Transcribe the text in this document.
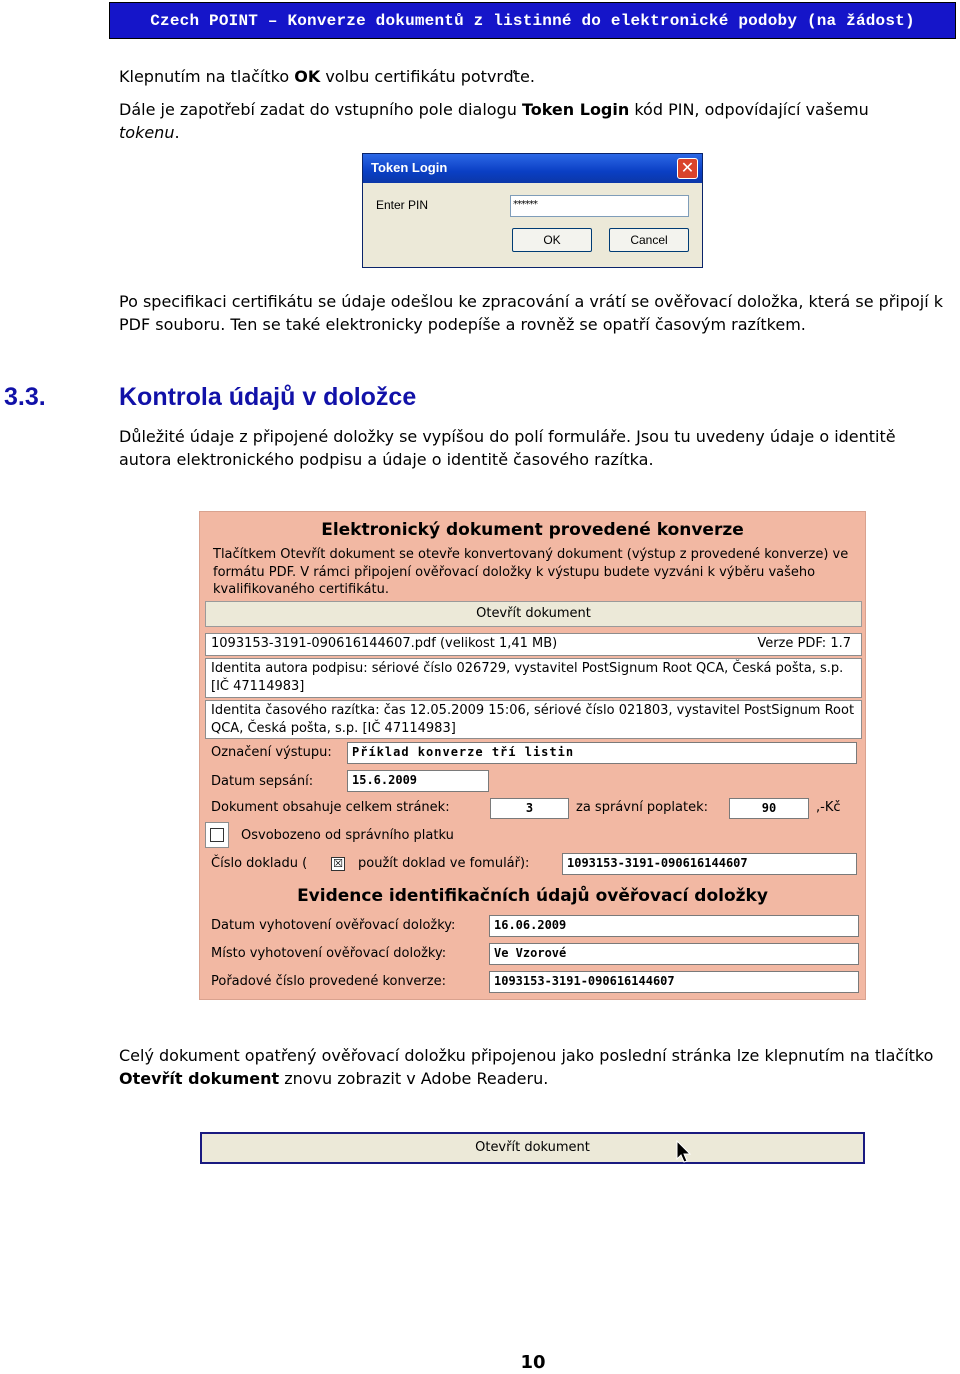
Czech POINT – Konverze dokumentů z listinné do elektronické podoby (na žádost)
Klepnutím na tlačítko OK volbu certifikátu potvrďte.
Dále je zapotřebí zadat do vstupního pole dialogu Token Login kód PIN, odpovídající vašemu tokenu.
Token Login	✕
Enter PIN	******
OK	Cancel
Po specifikaci certifikátu se údaje odešlou ke zpracování a vrátí se ověřovací doložka, která se připojí k PDF souboru. Ten se také elektronicky podepíše a rovněž se opatří časovým razítkem.
3.3.	Kontrola údajů v doložce
Důležité údaje z připojené doložky se vypíšou do polí formuláře. Jsou tu uvedeny údaje o identitě autora elektronického podpisu a údaje o identitě časového razítka.
Elektronický dokument provedené konverze
Tlačítkem Otevřít dokument se otevře konvertovaný dokument (výstup z provedené konverze) ve formátu PDF. V rámci připojení ověřovací doložky k výstupu budete vyzváni k výběru vašeho kvalifikovaného certifikátu.
Otevřít dokument
1093153-3191-090616144607.pdf (velikost 1,41 MB)	Verze PDF: 1.7
Identita autora podpisu: sériové číslo 026729, vystavitel PostSignum Root QCA, Česká pošta, s.p. [IČ 47114983]
Identita časového razítka: čas 12.05.2009 15:06, sériové číslo 021803, vystavitel PostSignum Root QCA, Česká pošta, s.p. [IČ 47114983]
Označení výstupu:	Příklad konverze tří listin
Datum sepsání:	15.6.2009
Dokument obsahuje celkem stránek:	3	za správní poplatek:	90	,-Kč
Osvobozeno od správního platku
Číslo dokladu ( ☒ použít doklad ve fomulář):	1093153-3191-090616144607
Evidence identifikačních údajů ověřovací doložky
Datum vyhotovení ověřovací doložky:	16.06.2009
Místo vyhotovení ověřovací doložky:	Ve Vzorové
Pořadové číslo provedené konverze:	1093153-3191-090616144607
Celý dokument opatřený ověřovací doložku připojenou jako poslední stránka lze klepnutím na tlačítko Otevřít dokument znovu zobrazit v Adobe Readeru.
Otevřít dokument
10
